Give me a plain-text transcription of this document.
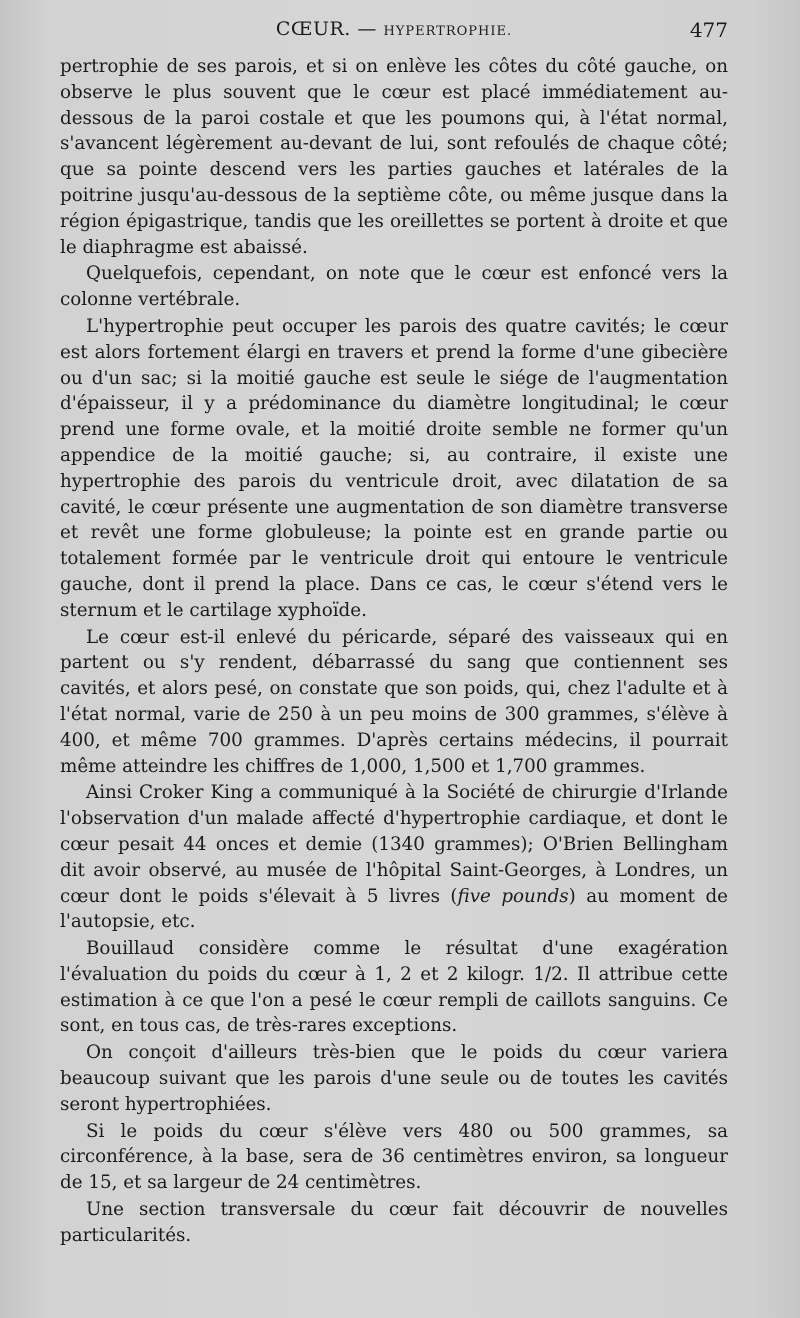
CŒUR. — HYPERTROPHIE.	477

pertrophie de ses parois, et si on enlève les côtes du côté gauche, on observe le plus souvent que le cœur est placé immédiatement au-dessous de la paroi costale et que les poumons qui, à l'état normal, s'avancent légèrement au-devant de lui, sont refoulés de chaque côté; que sa pointe descend vers les parties gauches et latérales de la poitrine jusqu'au-dessous de la septième côte, ou même jusque dans la région épigastrique, tandis que les oreillettes se portent à droite et que le diaphragme est abaissé.

Quelquefois, cependant, on note que le cœur est enfoncé vers la colonne vertébrale.

L'hypertrophie peut occuper les parois des quatre cavités; le cœur est alors fortement élargi en travers et prend la forme d'une gibecière ou d'un sac; si la moitié gauche est seule le siége de l'augmentation d'épaisseur, il y a prédominance du diamètre longitudinal; le cœur prend une forme ovale, et la moitié droite semble ne former qu'un appendice de la moitié gauche; si, au contraire, il existe une hypertrophie des parois du ventricule droit, avec dilatation de sa cavité, le cœur présente une augmentation de son diamètre transverse et revêt une forme globuleuse; la pointe est en grande partie ou totalement formée par le ventricule droit qui entoure le ventricule gauche, dont il prend la place. Dans ce cas, le cœur s'étend vers le sternum et le cartilage xyphoïde.

Le cœur est-il enlevé du péricarde, séparé des vaisseaux qui en partent ou s'y rendent, débarrassé du sang que contiennent ses cavités, et alors pesé, on constate que son poids, qui, chez l'adulte et à l'état normal, varie de 250 à un peu moins de 300 grammes, s'élève à 400, et même 700 grammes. D'après certains médecins, il pourrait même atteindre les chiffres de 1,000, 1,500 et 1,700 grammes.

Ainsi Croker King a communiqué à la Société de chirurgie d'Irlande l'observation d'un malade affecté d'hypertrophie cardiaque, et dont le cœur pesait 44 onces et demie (1340 grammes); O'Brien Bellingham dit avoir observé, au musée de l'hôpital Saint-Georges, à Londres, un cœur dont le poids s'élevait à 5 livres (five pounds) au moment de l'autopsie, etc.

Bouillaud considère comme le résultat d'une exagération l'évaluation du poids du cœur à 1, 2 et 2 kilogr. 1/2. Il attribue cette estimation à ce que l'on a pesé le cœur rempli de caillots sanguins. Ce sont, en tous cas, de très-rares exceptions.

On conçoit d'ailleurs très-bien que le poids du cœur variera beaucoup suivant que les parois d'une seule ou de toutes les cavités seront hypertrophiées.

Si le poids du cœur s'élève vers 480 ou 500 grammes, sa circonférence, à la base, sera de 36 centimètres environ, sa longueur de 15, et sa largeur de 24 centimètres.

Une section transversale du cœur fait découvrir de nouvelles particularités.
